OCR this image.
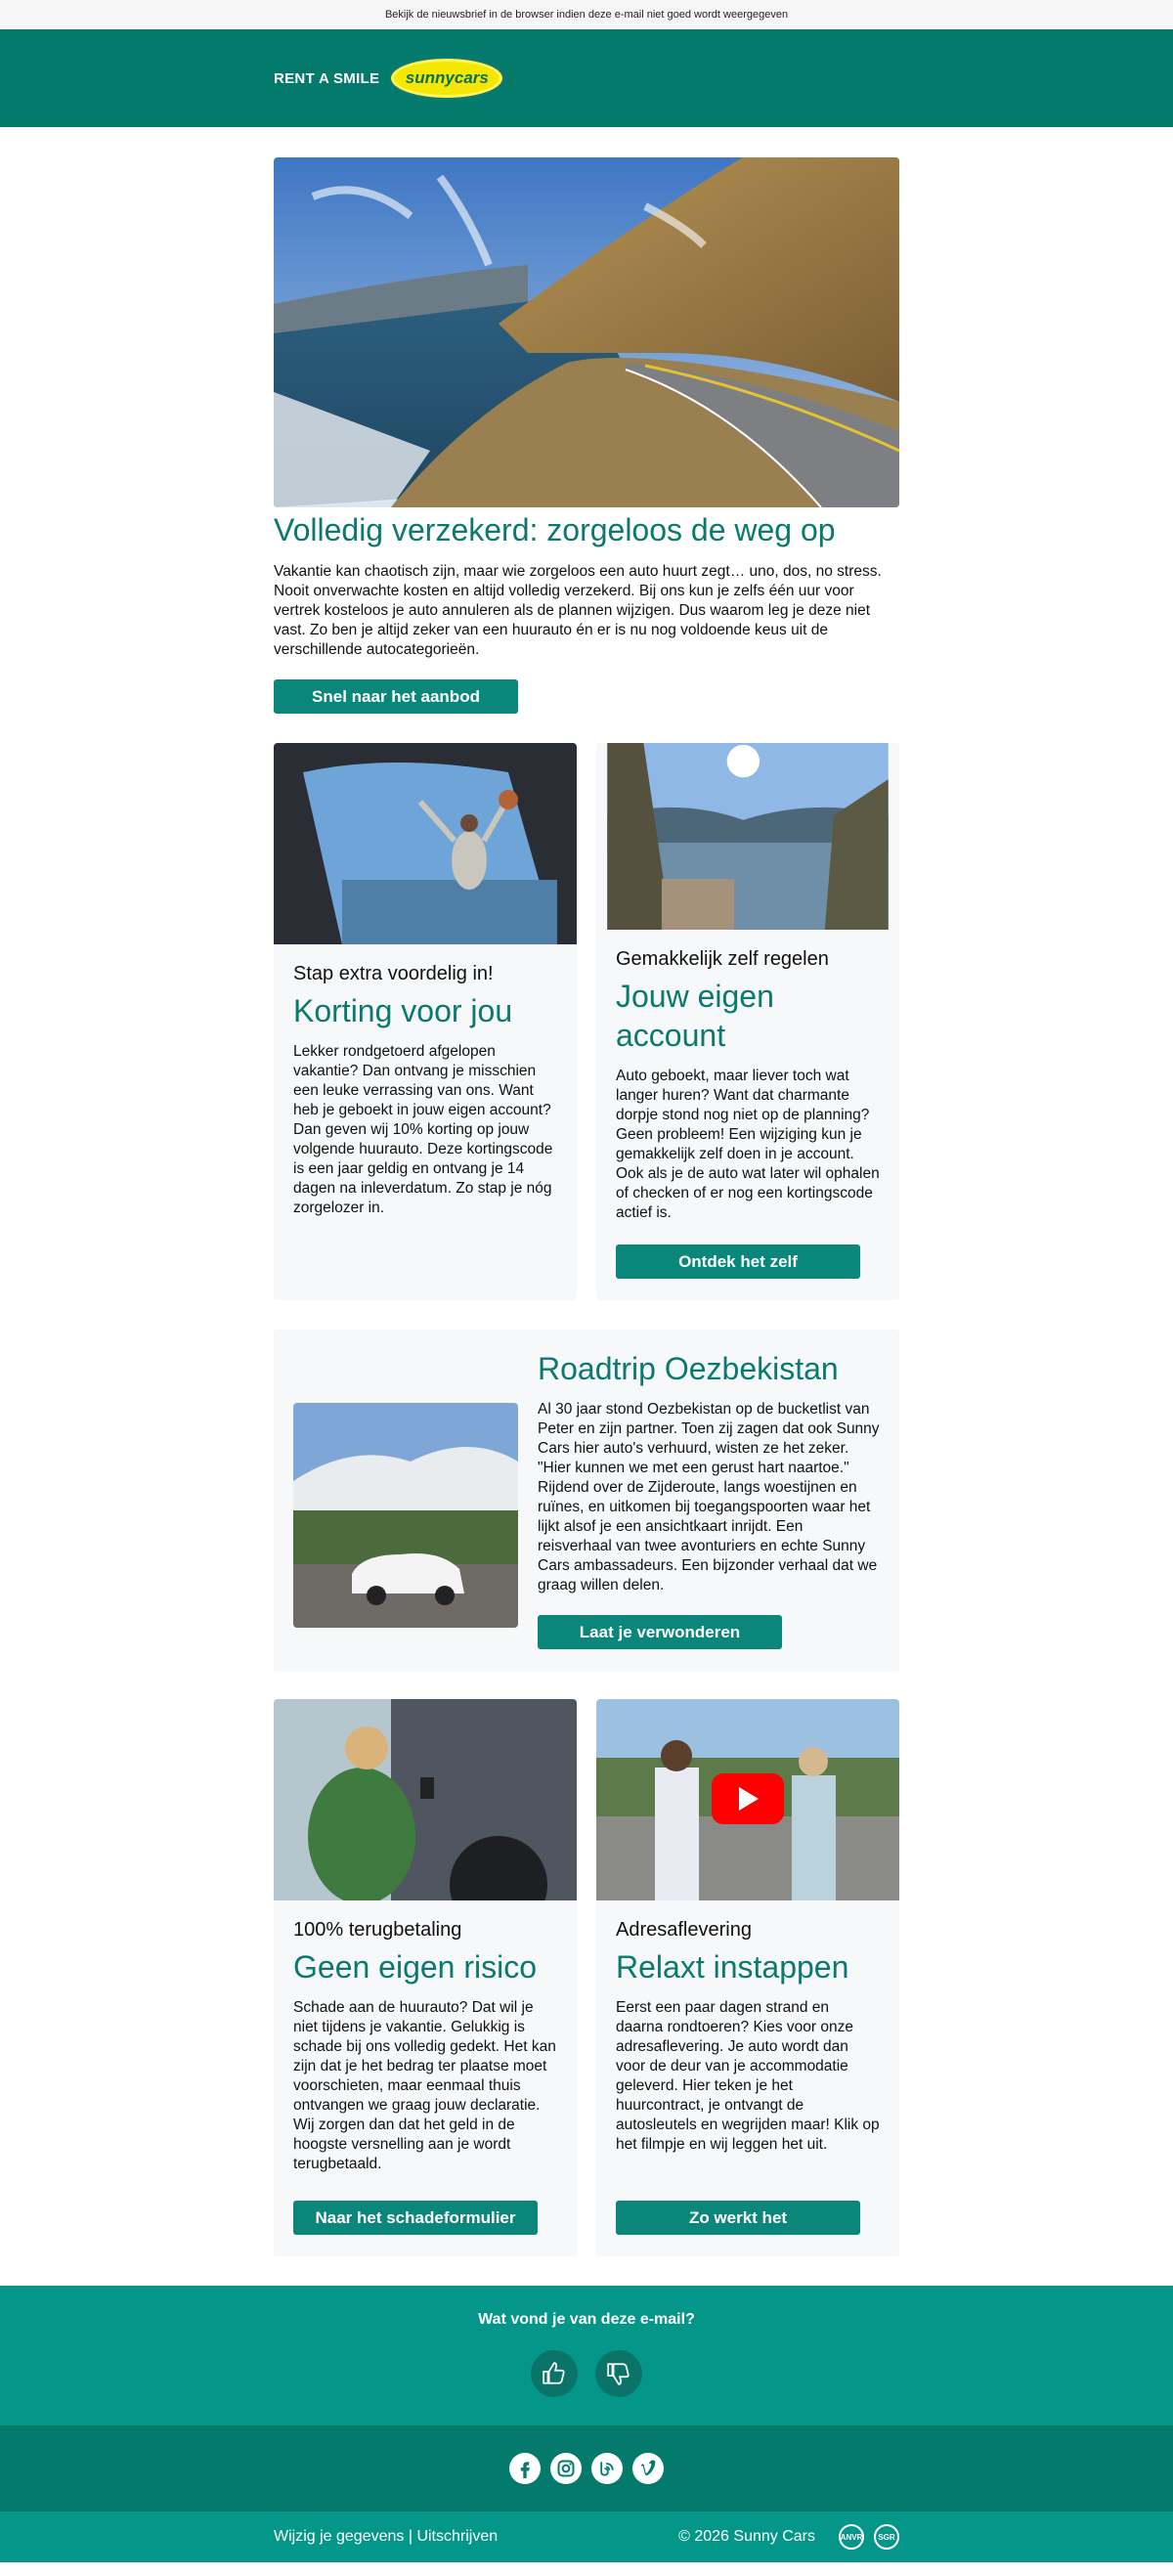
Bekijk de nieuwsbrief in de browser indien deze e-mail niet goed wordt weergegeven
RENT A SMILE sunnycars
Volledig verzekerd: zorgeloos de weg op

Vakantie kan chaotisch zijn, maar wie zorgeloos een auto huurt zegt… uno, dos, no stress. Nooit onverwachte kosten en altijd volledig verzekerd. Bij ons kun je zelfs één uur voor vertrek kosteloos je auto annuleren als de plannen wijzigen. Dus waarom leg je deze niet vast. Zo ben je altijd zeker van een huurauto én er is nu nog voldoende keus uit de verschillende autocategorieën.

Snel naar het aanbod
Stap extra voordelig in!
Korting voor jou

Lekker rondgetoerd afgelopen vakantie? Dan ontvang je misschien een leuke verrassing van ons. Want heb je geboekt in jouw eigen account? Dan geven wij 10% korting op jouw volgende huurauto. Deze kortingscode is een jaar geldig en ontvang je 14 dagen na inleverdatum. Zo stap je nóg zorgelozer in.

Gemakkelijk zelf regelen
Jouw eigen account

Auto geboekt, maar liever toch wat langer huren? Want dat charmante dorpje stond nog niet op de planning? Geen probleem! Een wijziging kun je gemakkelijk zelf doen in je account. Ook als je de auto wat later wil ophalen of checken of er nog een kortingscode actief is.

Ontdek het zelf
Roadtrip Oezbekistan

Al 30 jaar stond Oezbekistan op de bucketlist van Peter en zijn partner. Toen zij zagen dat ook Sunny Cars hier auto's verhuurd, wisten ze het zeker. "Hier kunnen we met een gerust hart naartoe." Rijdend over de Zijderoute, langs woestijnen en ruïnes, en uitkomen bij toegangspoorten waar het lijkt alsof je een ansichtkaart inrijdt. Een reisverhaal van twee avonturiers en echte Sunny Cars ambassadeurs. Een bijzonder verhaal dat we graag willen delen.

Laat je verwonderen
100% terugbetaling
Geen eigen risico

Schade aan de huurauto? Dat wil je niet tijdens je vakantie. Gelukkig is schade bij ons volledig gedekt. Het kan zijn dat je het bedrag ter plaatse moet voorschieten, maar eenmaal thuis ontvangen we graag jouw declaratie. Wij zorgen dan dat het geld in de hoogste versnelling aan je wordt terugbetaald.

Naar het schadeformulier
Adresaflevering
Relaxt instappen

Eerst een paar dagen strand en daarna rondtoeren? Kies voor onze adresaflevering. Je auto wordt dan voor de deur van je accommodatie geleverd. Hier teken je het huurcontract, je ontvangt de autosleutels en wegrijden maar! Klik op het filmpje en wij leggen het uit.

Zo werkt het
Wat vond je van deze e-mail?
Wijzig je gegevens | Uitschrijven	© 2026 Sunny Cars	ANVR SGR
